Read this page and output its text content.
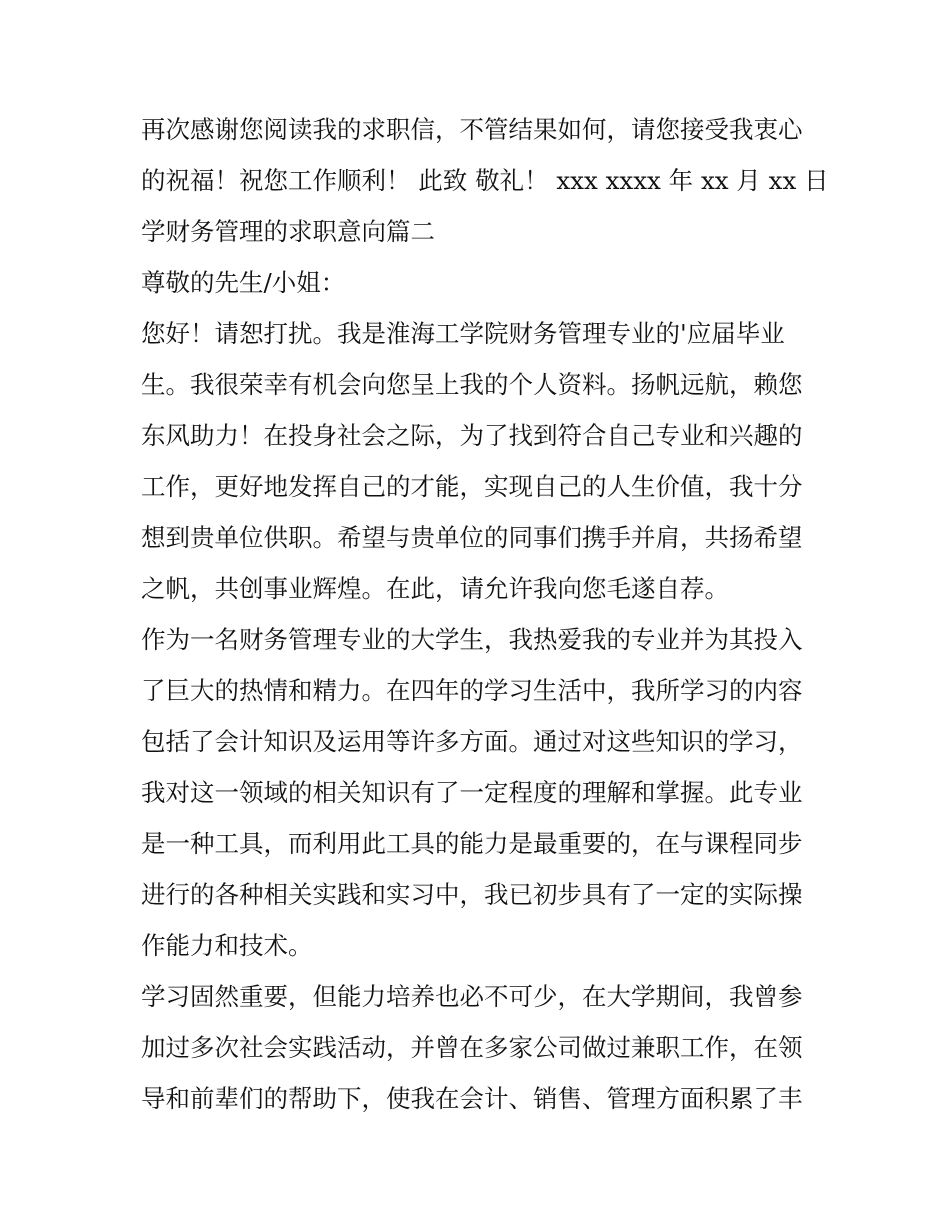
再次感谢您阅读我的求职信，不管结果如何，请您接受我衷心
的祝福！祝您工作顺利！ 此致 敬礼！ xxx xxxx 年 xx 月 xx 日
学财务管理的求职意向篇二
尊敬的先生/小姐：
您好！请恕打扰。我是淮海工学院财务管理专业的'应届毕业
生。我很荣幸有机会向您呈上我的个人资料。扬帆远航，赖您
东风助力！在投身社会之际，为了找到符合自己专业和兴趣的
工作，更好地发挥自己的才能，实现自己的人生价值，我十分
想到贵单位供职。希望与贵单位的同事们携手并肩，共扬希望
之帆，共创事业辉煌。在此，请允许我向您毛遂自荐。
作为一名财务管理专业的大学生，我热爱我的专业并为其投入
了巨大的热情和精力。在四年的学习生活中，我所学习的内容
包括了会计知识及运用等许多方面。通过对这些知识的学习，
我对这一领域的相关知识有了一定程度的理解和掌握。此专业
是一种工具，而利用此工具的能力是最重要的，在与课程同步
进行的各种相关实践和实习中，我已初步具有了一定的实际操
作能力和技术。
学习固然重要，但能力培养也必不可少，在大学期间，我曾参
加过多次社会实践活动，并曾在多家公司做过兼职工作，在领
导和前辈们的帮助下，使我在会计、销售、管理方面积累了丰
